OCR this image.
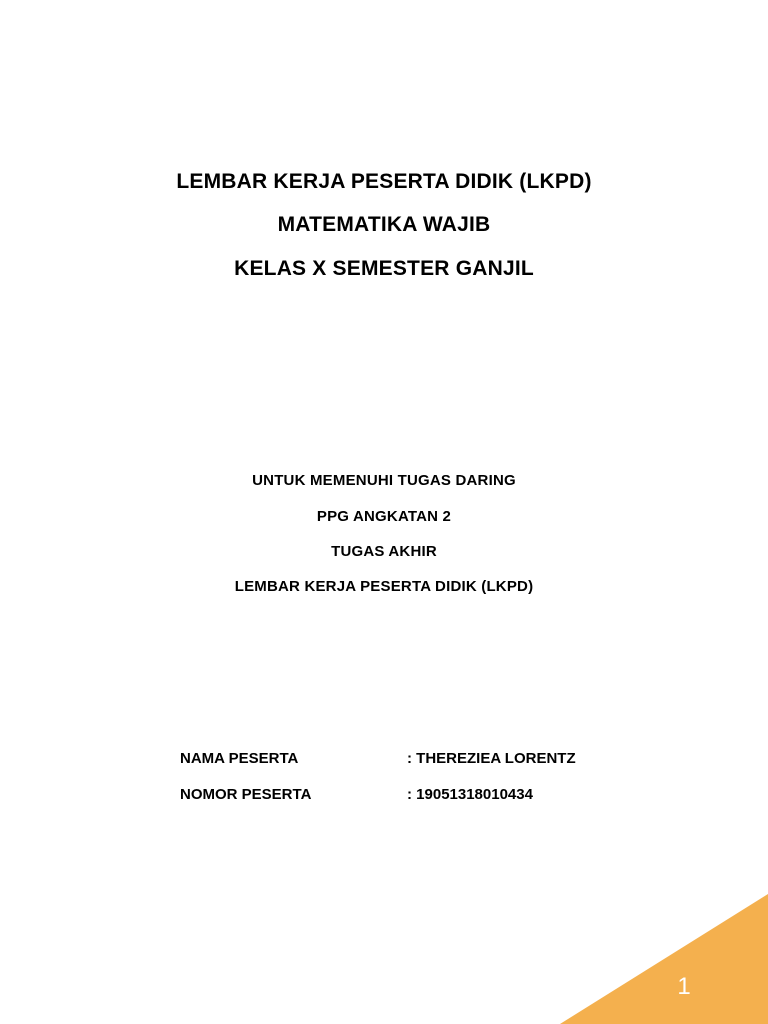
LEMBAR KERJA PESERTA DIDIK (LKPD)
MATEMATIKA WAJIB
KELAS X SEMESTER GANJIL
UNTUK MEMENUHI TUGAS DARING
PPG ANGKATAN 2
TUGAS AKHIR
LEMBAR KERJA PESERTA DIDIK (LKPD)
NAMA PESERTA	: THEREZIEA LORENTZ
NOMOR PESERTA	: 19051318010434
1
